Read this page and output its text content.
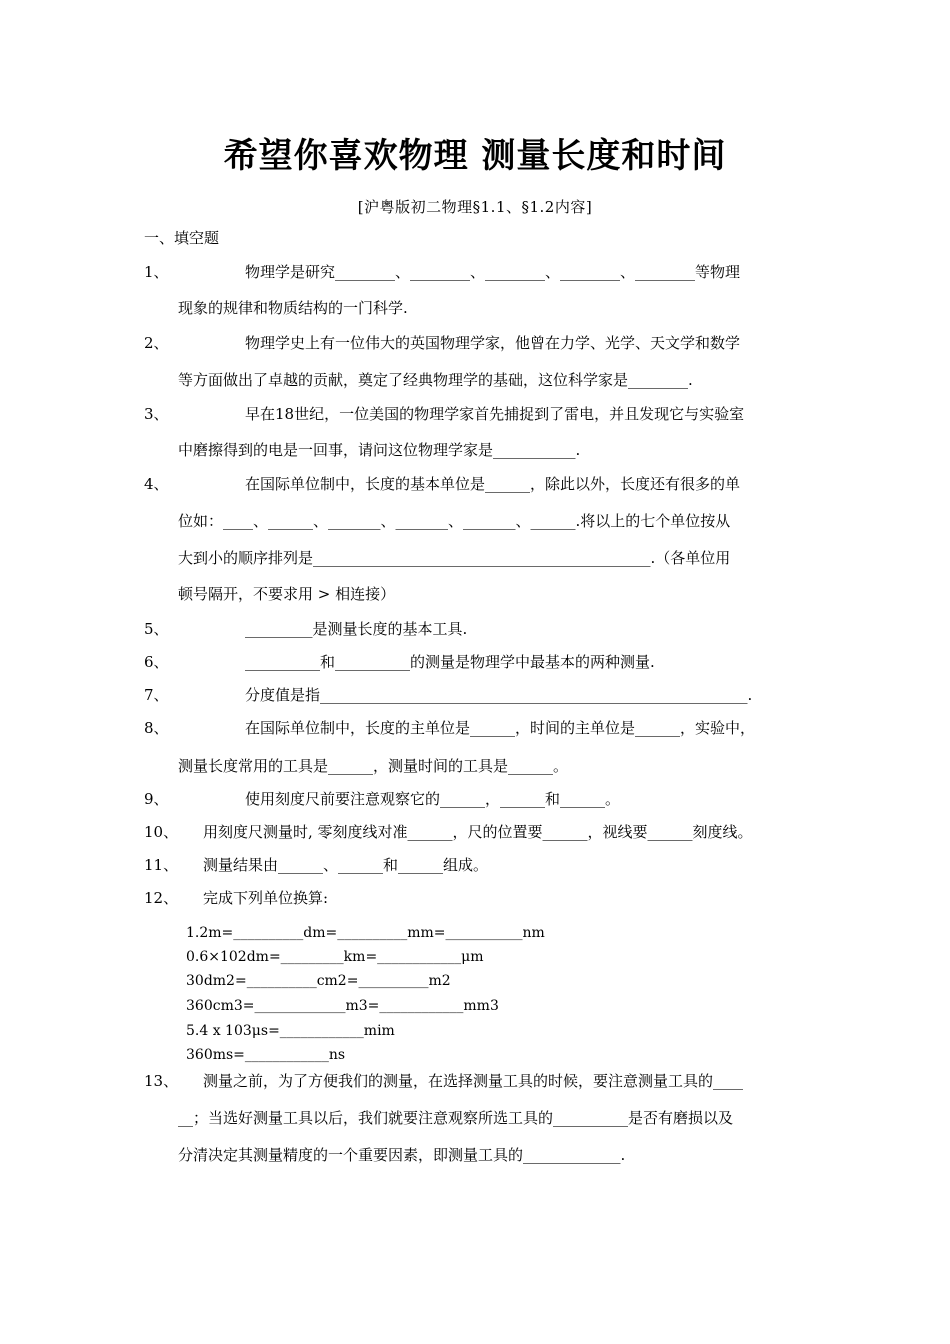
希望你喜欢物理 测量长度和时间
[沪粤版初二物理§1.1、§1.2内容]
一、填空题
1、	物理学是研究________、________、________、________、________等物理
现象的规律和物质结构的一门科学.
2、	物理学史上有一位伟大的英国物理学家，他曾在力学、光学、天文学和数学
等方面做出了卓越的贡献，奠定了经典物理学的基础，这位科学家是________.
3、	早在18世纪，一位美国的物理学家首先捕捉到了雷电，并且发现它与实验室
中磨擦得到的电是一回事，请问这位物理学家是___________.
4、	在国际单位制中，长度的基本单位是______，除此以外，长度还有很多的单
位如：____、______、_______、_______、_______、______.将以上的七个单位按从
大到小的顺序排列是_____________________________________________.（各单位用
顿号隔开，不要求用 > 相连接）
5、	_________是测量长度的基本工具.
6、	__________和__________的测量是物理学中最基本的两种测量.
7、	分度值是指_________________________________________________________.
8、	在国际单位制中，长度的主单位是______，时间的主单位是______，实验中，
测量长度常用的工具是______，测量时间的工具是______。
9、	使用刻度尺前要注意观察它的______，______和______。
10、 用刻度尺测量时, 零刻度线对准______，尺的位置要______，视线要______刻度线。
11、 测量结果由______、______和______组成。
12、 完成下列单位换算:
1.2m=__________dm=__________mm=___________nm
0.6×102dm=_________km=____________μm
30dm2=__________cm2=__________m2
360cm3=_____________m3=____________mm3
5.4 x 103μs=____________mim
360ms=____________ns
13、 测量之前，为了方便我们的测量，在选择测量工具的时候，要注意测量工具的____
__；当选好测量工具以后，我们就要注意观察所选工具的__________是否有磨损以及
分清决定其测量精度的一个重要因素，即测量工具的_____________.
